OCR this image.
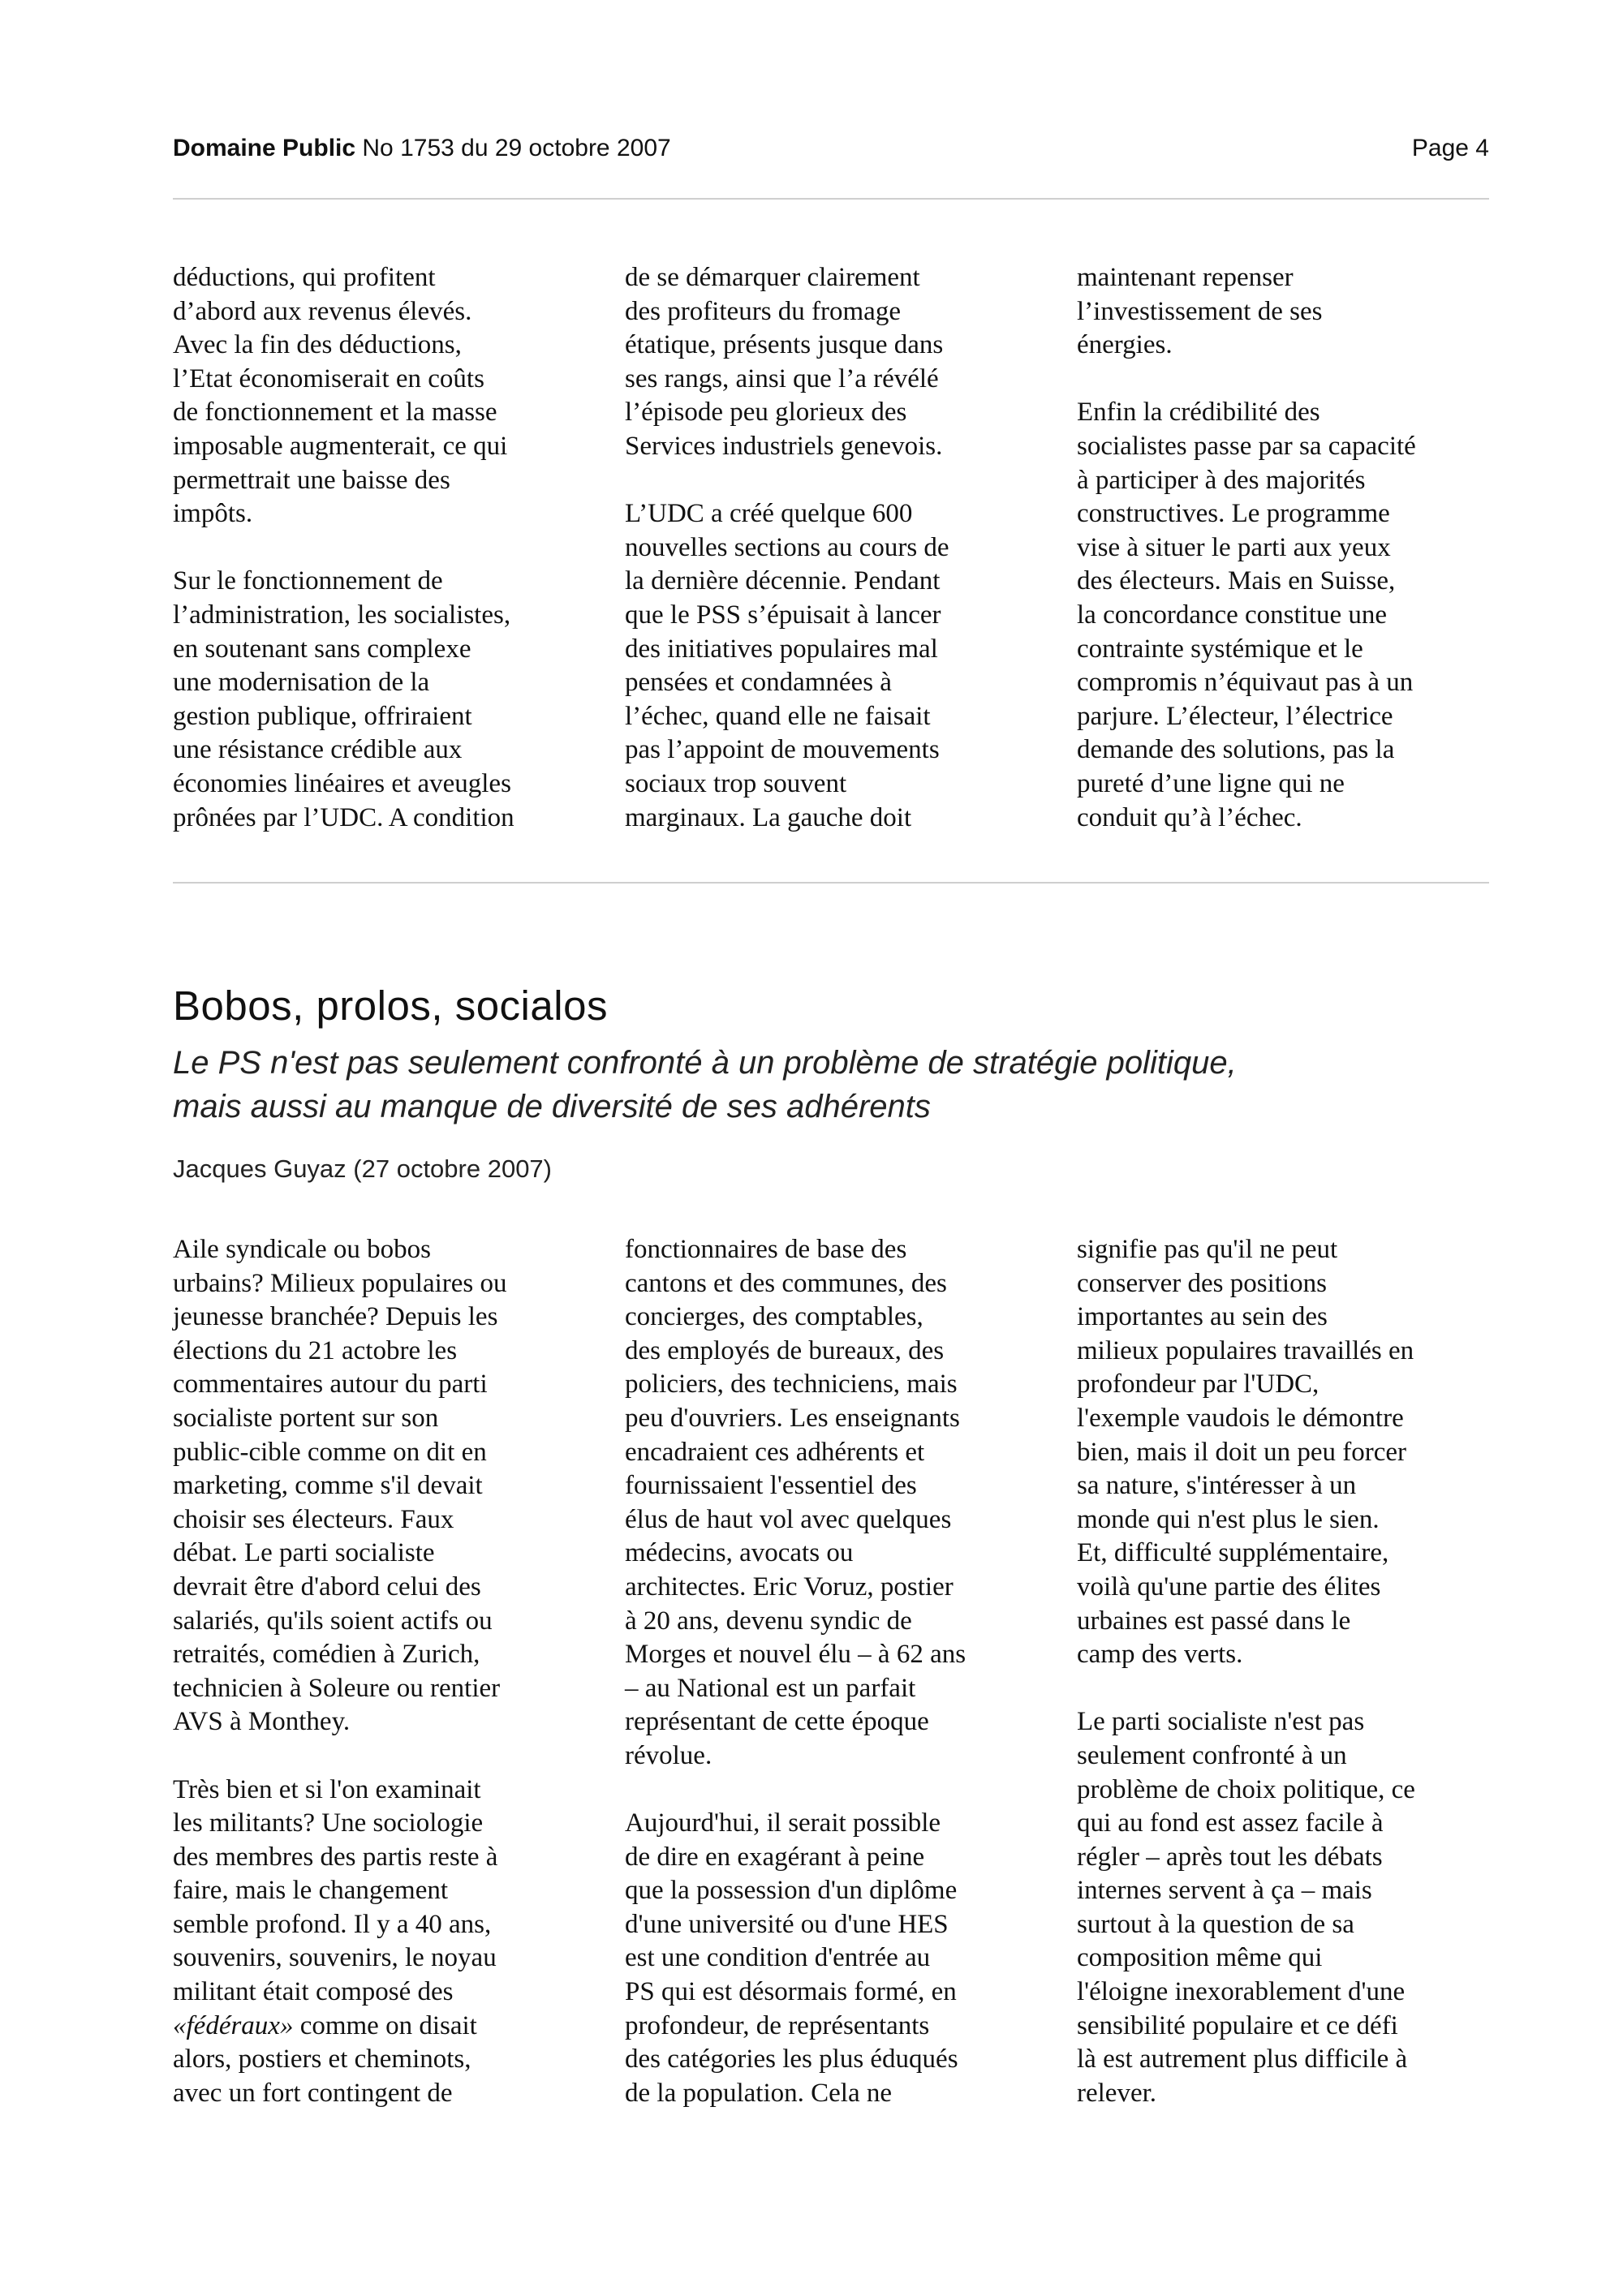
Domaine Public No 1753 du 29 octobre 2007	Page 4

déductions, qui profitent
d’abord aux revenus élevés.
Avec la fin des déductions,
l’Etat économiserait en coûts
de fonctionnement et la masse
imposable augmenterait, ce qui
permettrait une baisse des
impôts.

Sur le fonctionnement de
l’administration, les socialistes,
en soutenant sans complexe
une modernisation de la
gestion publique, offriraient
une résistance crédible aux
économies linéaires et aveugles
prônées par l’UDC. A condition

de se démarquer clairement
des profiteurs du fromage
étatique, présents jusque dans
ses rangs, ainsi que l’a révélé
l’épisode peu glorieux des
Services industriels genevois.

L’UDC a créé quelque 600
nouvelles sections au cours de
la dernière décennie. Pendant
que le PSS s’épuisait à lancer
des initiatives populaires mal
pensées et condamnées à
l’échec, quand elle ne faisait
pas l’appoint de mouvements
sociaux trop souvent
marginaux. La gauche doit

maintenant repenser
l’investissement de ses
énergies.

Enfin la crédibilité des
socialistes passe par sa capacité
à participer à des majorités
constructives. Le programme
vise à situer le parti aux yeux
des électeurs. Mais en Suisse,
la concordance constitue une
contrainte systémique et le
compromis n’équivaut pas à un
parjure. L’électeur, l’électrice
demande des solutions, pas la
pureté d’une ligne qui ne
conduit qu’à l’échec.

Bobos, prolos, socialos
Le PS n'est pas seulement confronté à un problème de stratégie politique,
mais aussi au manque de diversité de ses adhérents
Jacques Guyaz (27 octobre 2007)

Aile syndicale ou bobos
urbains? Milieux populaires ou
jeunesse branchée? Depuis les
élections du 21 actobre les
commentaires autour du parti
socialiste portent sur son
public-cible comme on dit en
marketing, comme s'il devait
choisir ses électeurs. Faux
débat. Le parti socialiste
devrait être d'abord celui des
salariés, qu'ils soient actifs ou
retraités, comédien à Zurich,
technicien à Soleure ou rentier
AVS à Monthey.

Très bien et si l'on examinait
les militants? Une sociologie
des membres des partis reste à
faire, mais le changement
semble profond. Il y a 40 ans,
souvenirs, souvenirs, le noyau
militant était composé des
«fédéraux» comme on disait
alors, postiers et cheminots,
avec un fort contingent de

fonctionnaires de base des
cantons et des communes, des
concierges, des comptables,
des employés de bureaux, des
policiers, des techniciens, mais
peu d'ouvriers. Les enseignants
encadraient ces adhérents et
fournissaient l'essentiel des
élus de haut vol avec quelques
médecins, avocats ou
architectes. Eric Voruz, postier
à 20 ans, devenu syndic de
Morges et nouvel élu – à 62 ans
– au National est un parfait
représentant de cette époque
révolue.

Aujourd'hui, il serait possible
de dire en exagérant à peine
que la possession d'un diplôme
d'une université ou d'une HES
est une condition d'entrée au
PS qui est désormais formé, en
profondeur, de représentants
des catégories les plus éduqués
de la population. Cela ne

signifie pas qu'il ne peut
conserver des positions
importantes au sein des
milieux populaires travaillés en
profondeur par l'UDC,
l'exemple vaudois le démontre
bien, mais il doit un peu forcer
sa nature, s'intéresser à un
monde qui n'est plus le sien.
Et, difficulté supplémentaire,
voilà qu'une partie des élites
urbaines est passé dans le
camp des verts.

Le parti socialiste n'est pas
seulement confronté à un
problème de choix politique, ce
qui au fond est assez facile à
régler – après tout les débats
internes servent à ça – mais
surtout à la question de sa
composition même qui
l'éloigne inexorablement d'une
sensibilité populaire et ce défi
là est autrement plus difficile à
relever.
